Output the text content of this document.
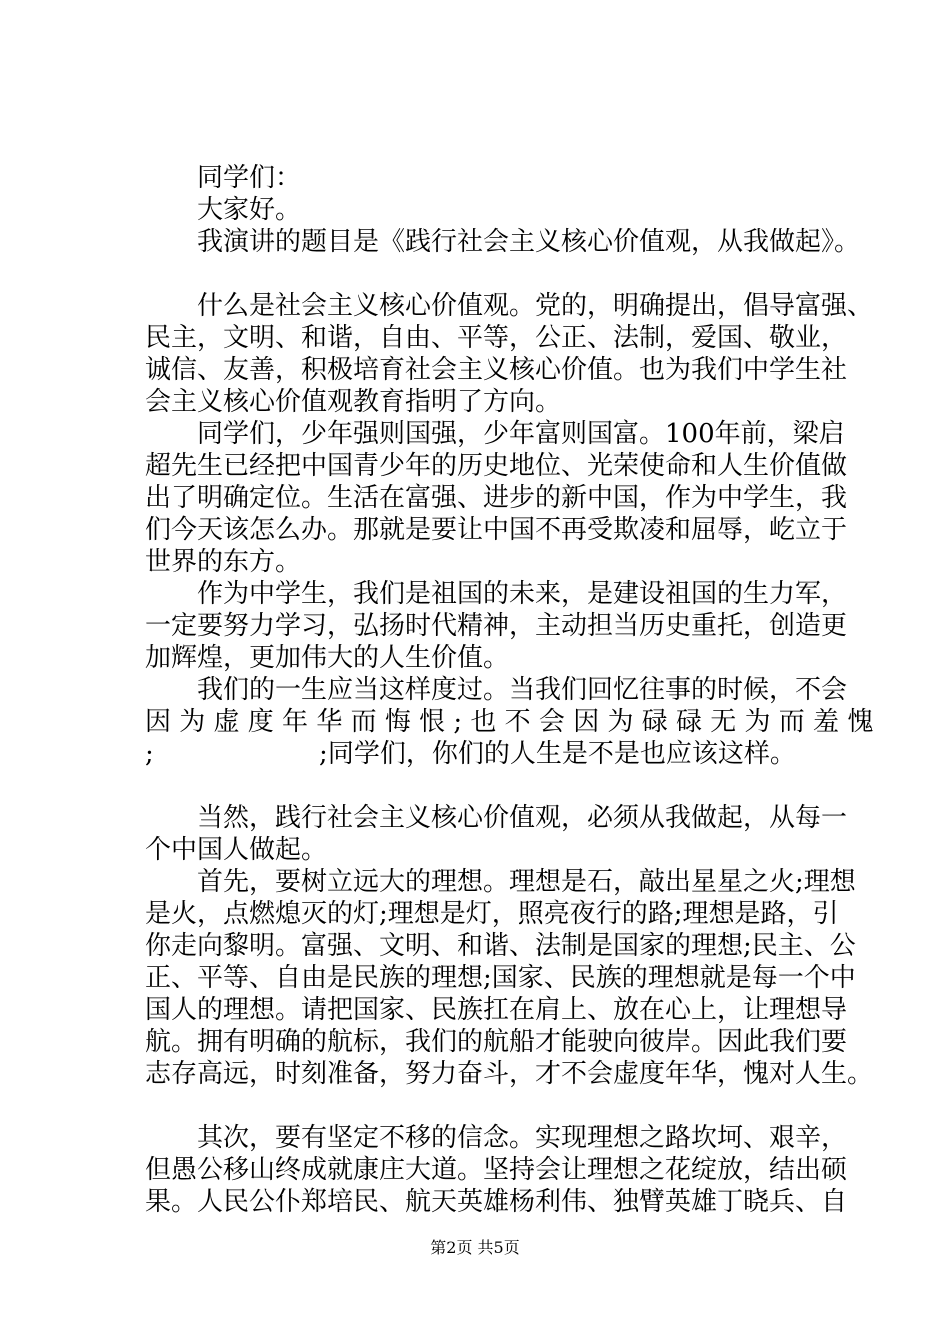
　　同学们：
　　大家好。
　　我演讲的题目是《践行社会主义核心价值观，从我做起》。
　　什么是社会主义核心价值观。党的，明确提出，倡导富强、
民主，文明、和谐，自由、平等，公正、法制，爱国、敬业，
诚信、友善，积极培育社会主义核心价值。也为我们中学生社
会主义核心价值观教育指明了方向。
　　同学们，少年强则国强，少年富则国富。100年前，梁启
超先生已经把中国青少年的历史地位、光荣使命和人生价值做
出了明确定位。生活在富强、进步的新中国，作为中学生，我
们今天该怎么办。那就是要让中国不再受欺凌和屈辱，屹立于
世界的东方。
　　作为中学生，我们是祖国的未来，是建设祖国的生力军，
一定要努力学习，弘扬时代精神，主动担当历史重托，创造更
加辉煌，更加伟大的人生价值。
　　我们的一生应当这样度过。当我们回忆往事的时候，不会
因 为 虚 度 年 华 而 悔 恨 ; 也 不 会 因 为 碌 碌 无 为 而 羞 愧
;                    ;同学们，你们的人生是不是也应该这样。
　　当然，践行社会主义核心价值观，必须从我做起，从每一
个中国人做起。
　　首先，要树立远大的理想。理想是石，敲出星星之火;理想
是火，点燃熄灭的灯;理想是灯，照亮夜行的路;理想是路，引
你走向黎明。富强、文明、和谐、法制是国家的理想;民主、公
正、平等、自由是民族的理想;国家、民族的理想就是每一个中
国人的理想。请把国家、民族扛在肩上、放在心上，让理想导
航。拥有明确的航标，我们的航船才能驶向彼岸。因此我们要
志存高远，时刻准备，努力奋斗，才不会虚度年华，愧对人生。
　　其次，要有坚定不移的信念。实现理想之路坎坷、艰辛，
但愚公移山终成就康庄大道。坚持会让理想之花绽放，结出硕
果。人民公仆郑培民、航天英雄杨利伟、独臂英雄丁晓兵、自
第2页 共5页
